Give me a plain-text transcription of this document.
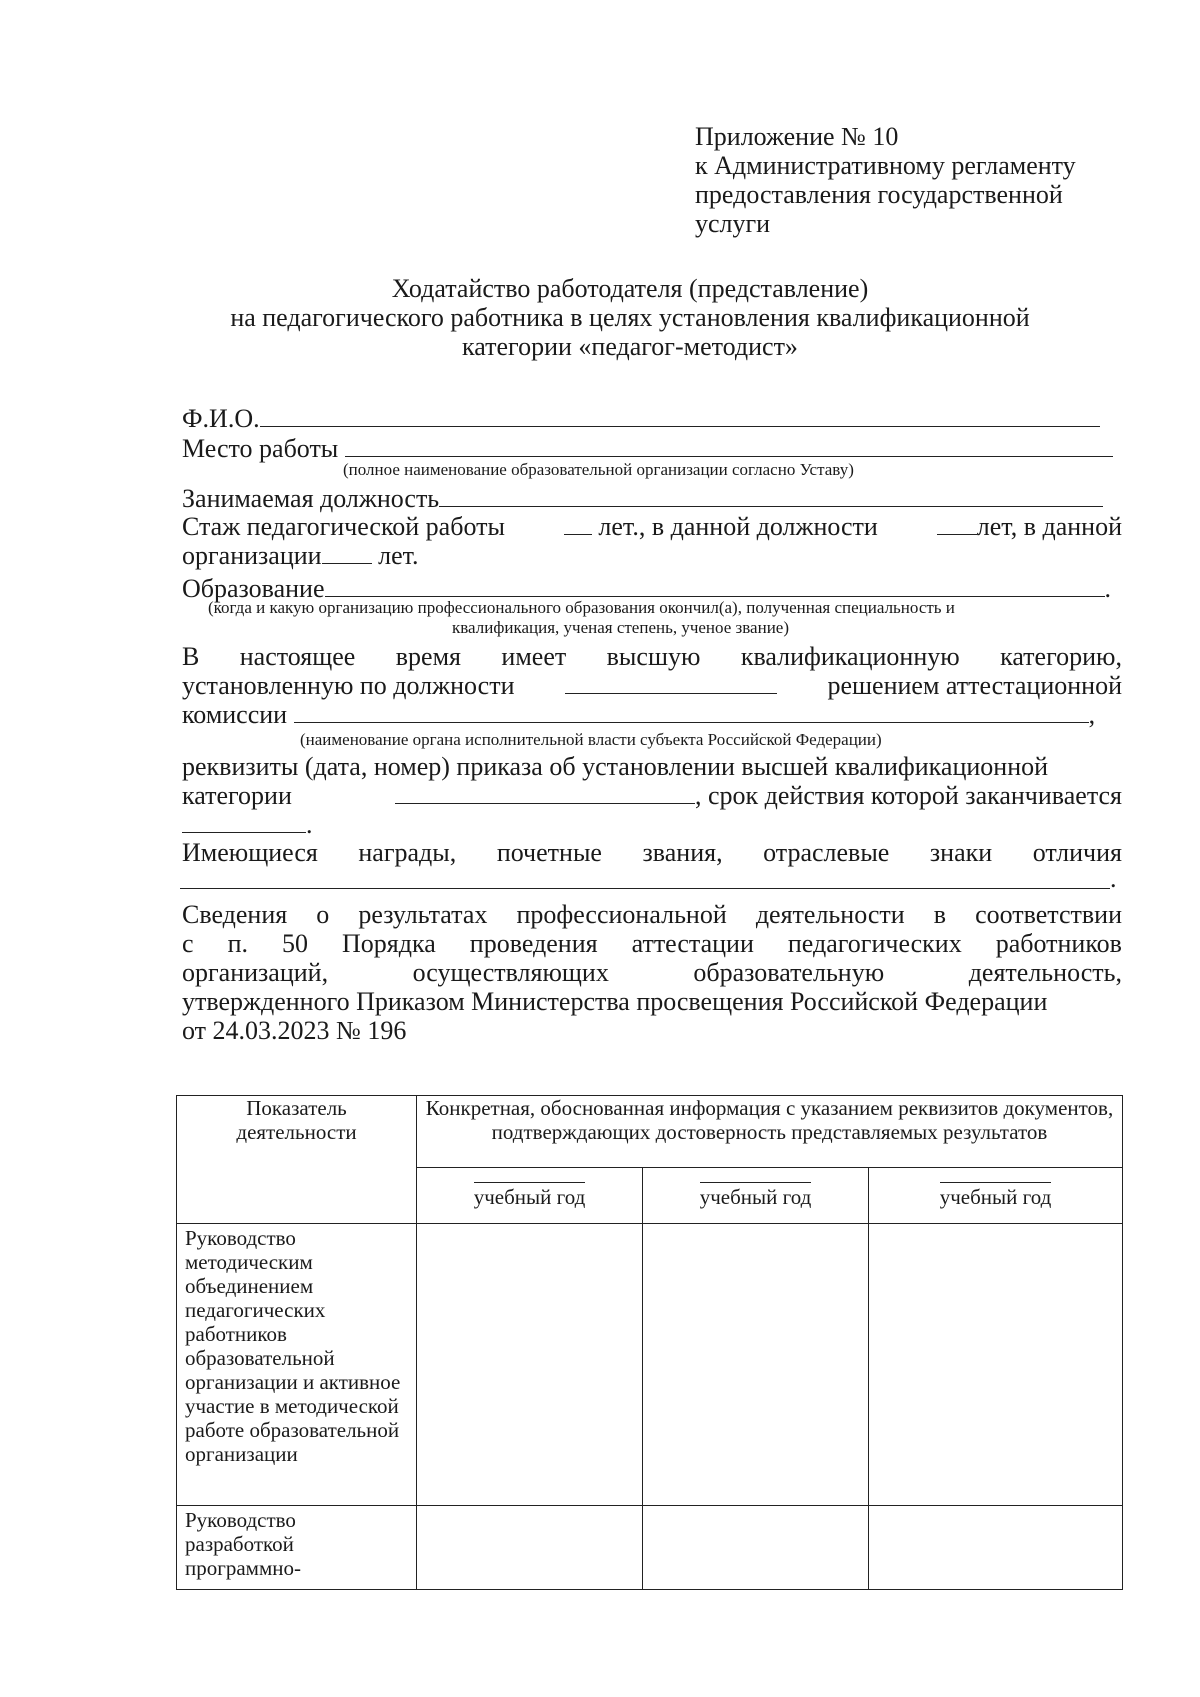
Приложение № 10
к Административному регламенту
предоставления государственной
услуги
Ходатайство работодателя (представление)
на педагогического работника в целях установления квалификационной
категории «педагог-методист»
Ф.И.О.
Место работы
(полное наименование образовательной организации согласно Уставу)
Занимаемая должность
Стаж педагогической работы	лет., в данной должности	лет, в данной
организации
лет.
Образование	.
(когда и какую организацию профессионального образования окончил(а), полученная специальность и
квалификация, ученая степень, ученое звание)
В настоящее время имеет высшую квалификационную категорию,
установленную по должности	решением аттестационной
комиссии
	,
(наименование органа исполнительной власти субъекта Российской Федерации)
реквизиты (дата, номер) приказа об установлении высшей квалификационной
категории	, срок действия которой заканчивается
.
Имеющиеся награды, почетные звания, отраслевые знаки отличия
.
Сведения о результатах профессиональной деятельности в соответствии
с п. 50 Порядка проведения аттестации педагогических работников
организаций,	осуществляющих	образовательную	деятельность,
утвержденного Приказом Министерства просвещения Российской Федерации
от 24.03.2023 № 196
Показатель деятельности	Конкретная, обоснованная информация с указанием реквизитов документов, подтверждающих достоверность представляемых результатов		

	учебный год	учебный год	учебный год
Руководство методическим объединением педагогических работников образовательной организации и активное участие в методической работе образовательной организации			
Руководство разработкой программно-			
